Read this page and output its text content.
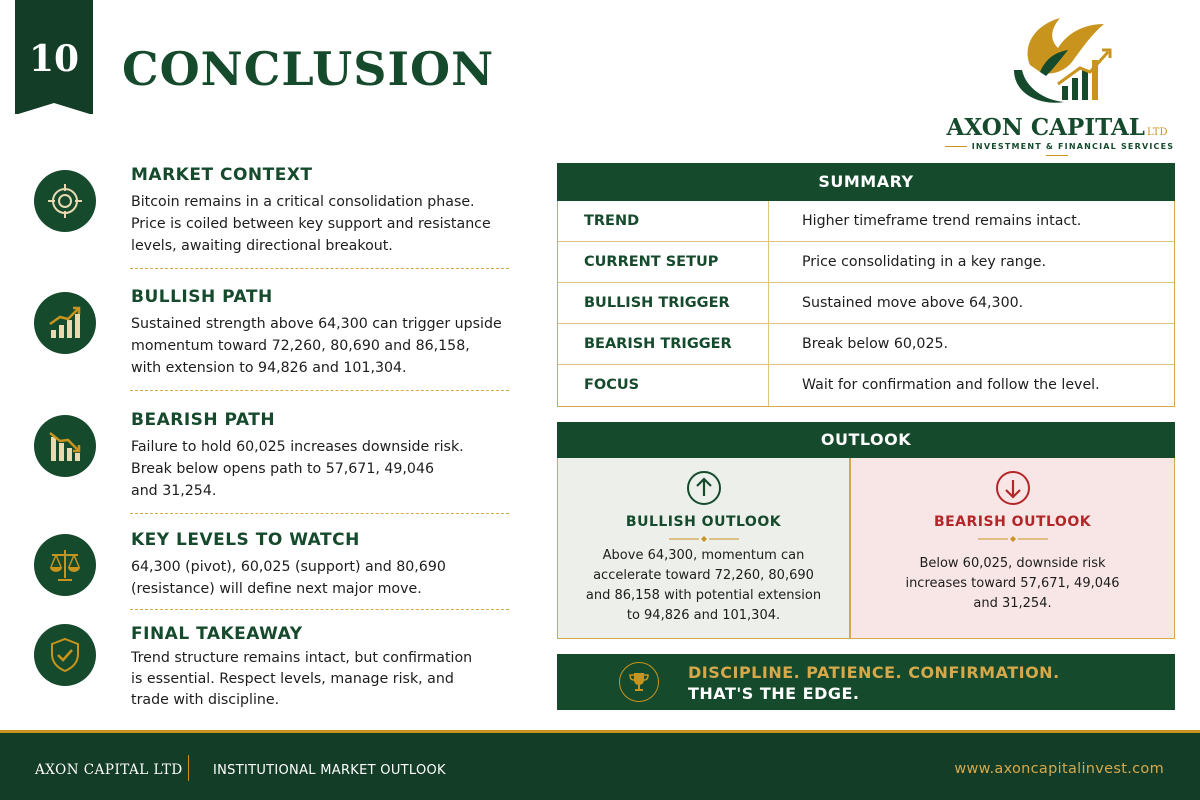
10 CONCLUSION
AXON CAPITAL LTD
INVESTMENT & FINANCIAL SERVICES
MARKET CONTEXT
Bitcoin remains in a critical consolidation phase.
Price is coiled between key support and resistance
levels, awaiting directional breakout.
BULLISH PATH
Sustained strength above 64,300 can trigger upside
momentum toward 72,260, 80,690 and 86,158,
with extension to 94,826 and 101,304.
BEARISH PATH
Failure to hold 60,025 increases downside risk.
Break below opens path to 57,671, 49,046
and 31,254.
KEY LEVELS TO WATCH
64,300 (pivot), 60,025 (support) and 80,690
(resistance) will define next major move.
FINAL TAKEAWAY
Trend structure remains intact, but confirmation
is essential. Respect levels, manage risk, and
trade with discipline.
SUMMARY
TREND	Higher timeframe trend remains intact.
CURRENT SETUP	Price consolidating in a key range.
BULLISH TRIGGER	Sustained move above 64,300.
BEARISH TRIGGER	Break below 60,025.
FOCUS	Wait for confirmation and follow the level.
OUTLOOK
BULLISH OUTLOOK
Above 64,300, momentum can
accelerate toward 72,260, 80,690
and 86,158 with potential extension
to 94,826 and 101,304.
BEARISH OUTLOOK
Below 60,025, downside risk
increases toward 57,671, 49,046
and 31,254.
DISCIPLINE. PATIENCE. CONFIRMATION.
THAT'S THE EDGE.
AXON CAPITAL LTD INSTITUTIONAL MARKET OUTLOOK	www.axoncapitalinvest.com
